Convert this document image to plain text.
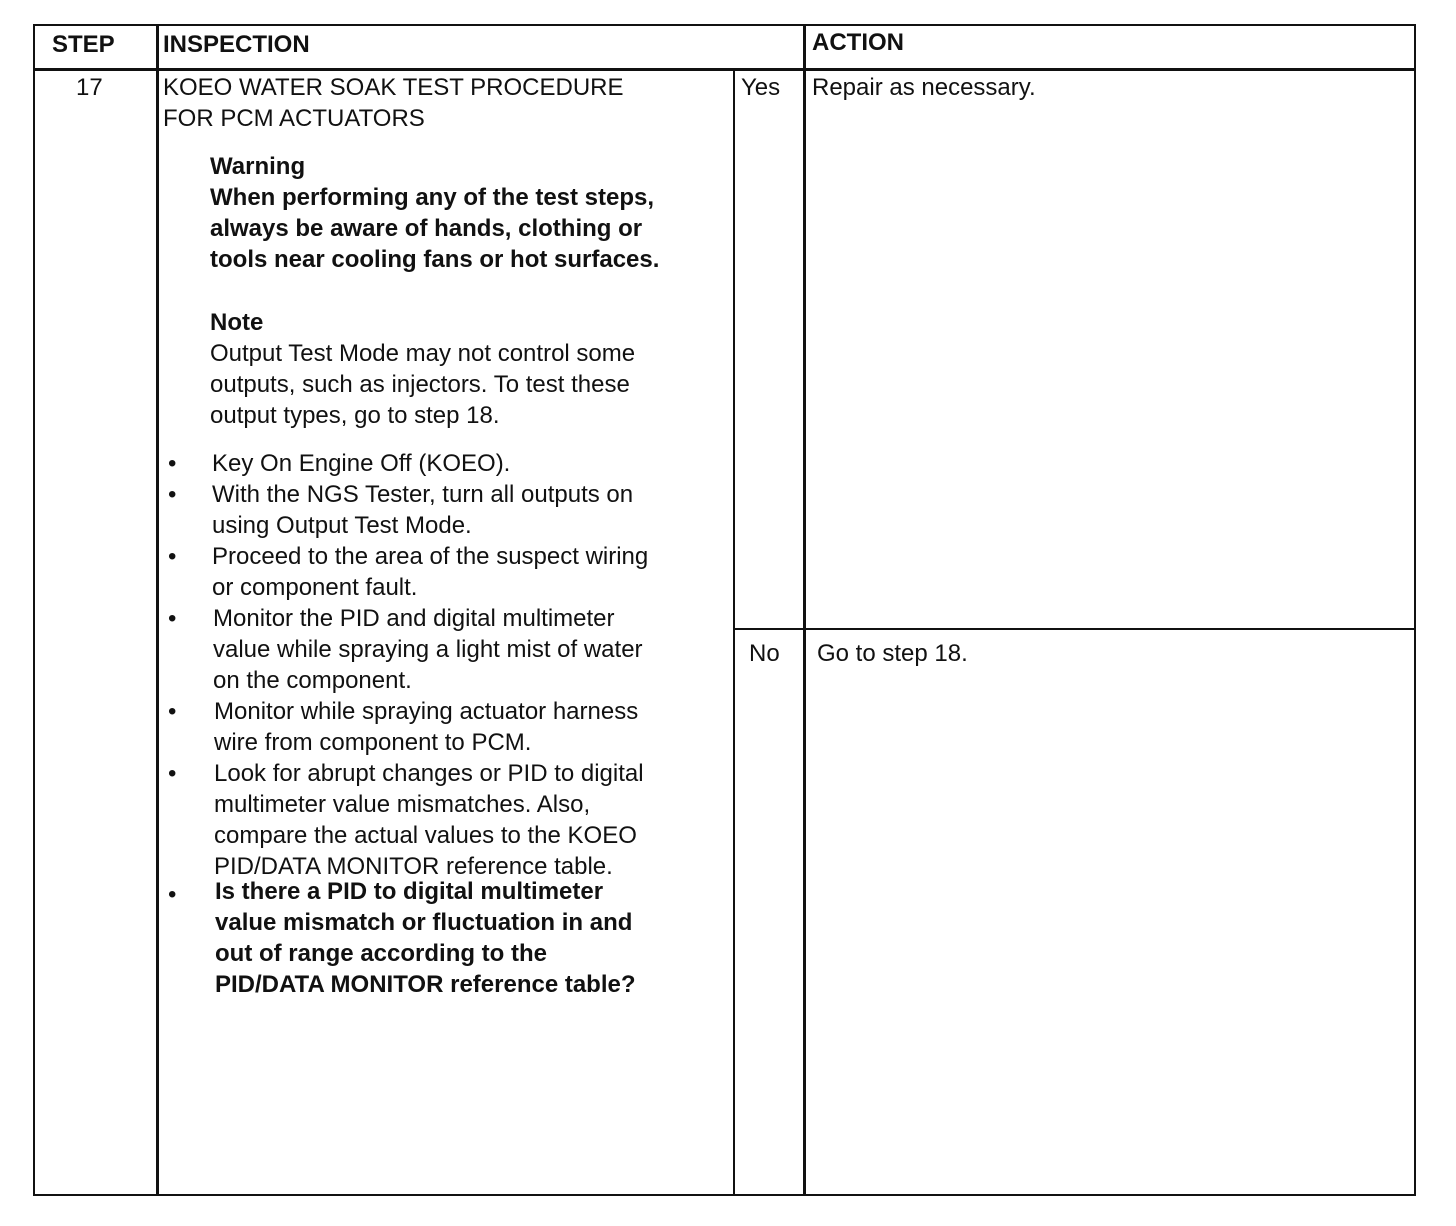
STEP INSPECTION	ACTION
17	KOEO WATER SOAK TEST PROCEDURE
FOR PCM ACTUATORS
Warning
When performing any of the test steps,
always be aware of hands, clothing or
tools near cooling fans or hot surfaces.
Note
Output Test Mode may not control some
outputs, such as injectors. To test these
output types, go to step 18.
•
Key On Engine Off (KOEO).
•
With the NGS Tester, turn all outputs on
using Output Test Mode.
•
Proceed to the area of the suspect wiring
or component fault.
•
Monitor the PID and digital multimeter
value while spraying a light mist of water
on the component.
•
Monitor while spraying actuator harness
wire from component to PCM.
•
Look for abrupt changes or PID to digital
multimeter value mismatches. Also,
compare the actual values to the KOEO
PID/DATA MONITOR reference table.
•
Is there a PID to digital multimeter
value mismatch or fluctuation in and
out of range according to the
PID/DATA MONITOR reference table?
Yes Repair as necessary.
No Go to step 18.
